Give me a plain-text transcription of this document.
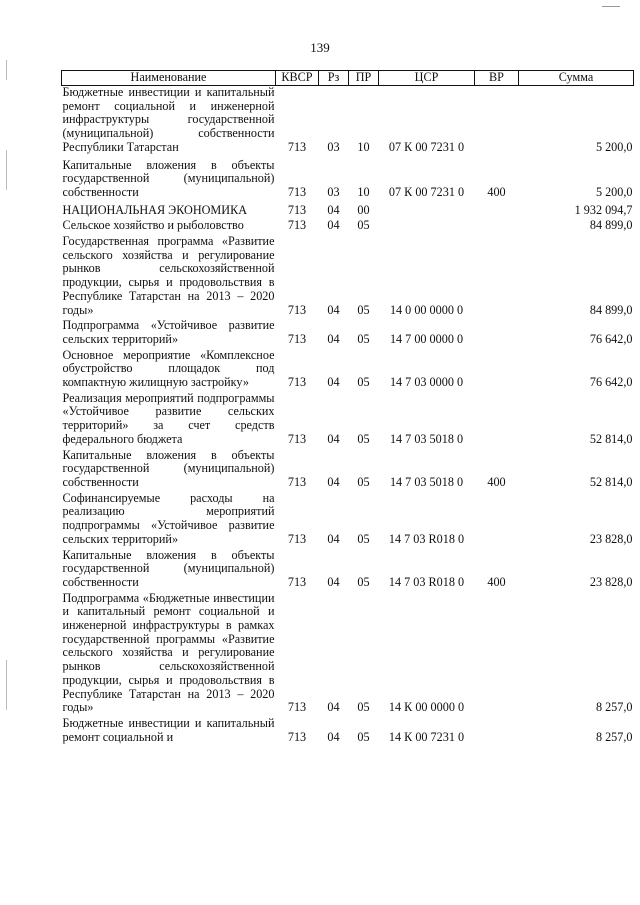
139
Наименование	КВСР	Рз	ПР	ЦСР	ВР	Сумма
Бюджетные инвестиции и капитальный ремонт социальной и инженерной инфраструктуры государственной (муниципальной) собственности Республики Татарстан	713	03	10	07 К 00 7231 0		5 200,0

Капитальные вложения в объекты государственной (муниципальной) собственности	713	03	10	07 К 00 7231 0	400	5 200,0

НАЦИОНАЛЬНАЯ ЭКОНОМИКА	713	04	00			1 932 094,7

Сельское хозяйство и рыболовство	713	04	05			84 899,0

Государственная программа «Развитие сельского хозяйства и регулирование рынков сельскохозяйственной продукции, сырья и продовольствия в Республике Татарстан на 2013 – 2020 годы»	713	04	05	14 0 00 0000 0		84 899,0

Подпрограмма «Устойчивое развитие сельских территорий»	713	04	05	14 7 00 0000 0		76 642,0

Основное мероприятие «Комплексное обустройство площадок под компактную жилищную застройку»	713	04	05	14 7 03 0000 0		76 642,0

Реализация мероприятий подпрограммы «Устойчивое развитие сельских территорий» за счет средств федерального бюджета	713	04	05	14 7 03 5018 0		52 814,0

Капитальные вложения в объекты государственной (муниципальной) собственности	713	04	05	14 7 03 5018 0	400	52 814,0

Софинансируемые расходы на реализацию мероприятий подпрограммы «Устойчивое развитие сельских территорий»	713	04	05	14 7 03 R018 0		23 828,0

Капитальные вложения в объекты государственной (муниципальной) собственности	713	04	05	14 7 03 R018 0	400	23 828,0

Подпрограмма «Бюджетные инвестиции и капитальный ремонт социальной и инженерной инфраструктуры в рамках государственной программы «Развитие сельского хозяйства и регулирование рынков сельскохозяйственной продукции, сырья и продовольствия в Республике Татарстан на 2013 – 2020 годы»	713	04	05	14 К 00 0000 0		8 257,0

Бюджетные инвестиции и капитальный ремонт социальной и	713	04	05	14 К 00 7231 0		8 257,0
